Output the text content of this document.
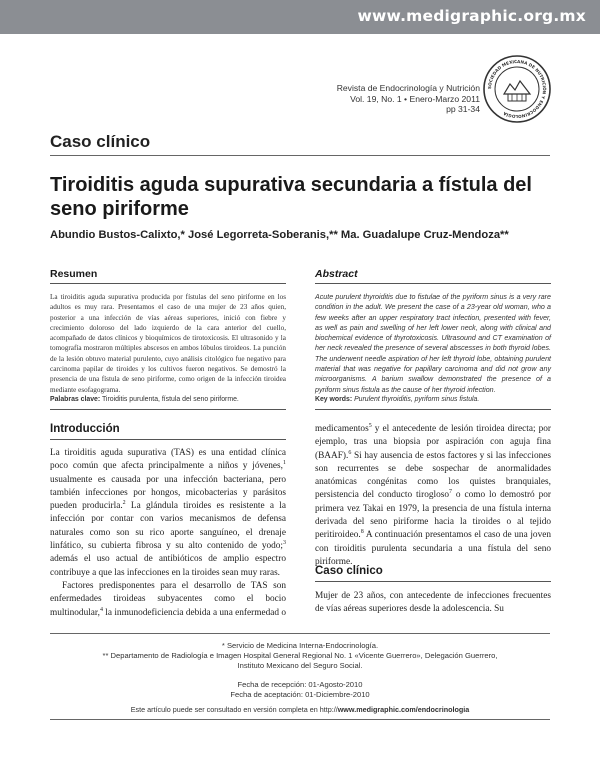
www.medigraphic.org.mx
Revista de Endocrinología y Nutrición
Vol. 19, No. 1 • Enero-Marzo 2011
pp 31-34
SOCIEDAD MEXICANA DE NUTRICIÓN Y ENDOCRINOLOGÍA
Caso clínico
Tiroiditis aguda supurativa secundaria a fístula del seno piriforme
Abundio Bustos-Calixto,* José Legorreta-Soberanis,** Ma. Guadalupe Cruz-Mendoza**
Resumen	Abstract
La tiroiditis aguda supurativa producida por fístulas del seno piriforme en los adultos es muy rara. Presentamos el caso de una mujer de 23 años quien, posterior a una infección de vías aéreas superiores, inició con fiebre y crecimiento doloroso del lado izquierdo de la cara anterior del cuello, acompañado de datos clínicos y bioquímicos de tirotoxicosis. El ultrasonido y la tomografía mostraron múltiples abscesos en ambos lóbulos tiroideos. La punción de la lesión obtuvo material purulento, cuyo análisis citológico fue negativo para carcinoma papilar de tiroides y los cultivos fueron negativos. Se demostró la presencia de una fístula de seno piriforme, como origen de la infección tiroidea mediante esofagograma.
Acute purulent thyroiditis due to fistulae of the pyriform sinus is a very rare condition in the adult. We present the case of a 23-year old woman, who a few weeks after an upper respiratory tract infection, presented with fever, as well as pain and swelling of her left lower neck, along with clinical and biochemical evidence of thyrotoxicosis. Ultrasound and CT examination of her neck revealed the presence of several abscesses in both thyroid lobes. The underwent needle aspiration of her left thyroid lobe, obtaining purulent material that was negative for papillary carcinoma and did not grow any microorganisms. A barium swallow demonstrated the presence of a pyriform sinus fistula as the cause of her thyroid infection.
Palabras clave: Tiroiditis purulenta, fístula del seno piriforme.	Key words: Purulent thyroiditis, pyriform sinus fistula.
Introducción

La tiroiditis aguda supurativa (TAS) es una entidad clínica poco común que afecta principalmente a niños y jóvenes,$^1$ usualmente es causada por una infección bacteriana, pero también infecciones por hongos, micobacterias y parásitos pueden producirla.$^2$ La glándula tiroides es resistente a la infección por contar con varios mecanismos de defensa naturales como son su rico aporte sanguíneo, el drenaje linfático, su cubierta fibrosa y su alto contenido de yodo;$^3$ además el uso actual de antibióticos de amplio espectro contribuye a que las infecciones en la tiroides sean muy raras.

Factores predisponentes para el desarrollo de TAS son enfermedades tiroideas subyacentes como el bocio multinodular,$^4$ la inmunodeficiencia debida a una enfermedad o

medicamentos$^5$ y el antecedente de lesión tiroidea directa; por ejemplo, tras una biopsia por aspiración con aguja fina (BAAF).$^6$ Si hay ausencia de estos factores y si las infecciones son recurrentes se debe sospechar de anormalidades anatómicas congénitas como los quistes branquiales, persistencia del conducto tirogloso$^7$ o como lo demostró por primera vez Takai en 1979, la presencia de una fístula interna derivada del seno piriforme hacia la tiroides o al tejido peritiroideo.$^8$ A continuación presentamos el caso de una joven con tiroiditis purulenta secundaria a una fístula del seno piriforme.

Caso clínico
Mujer de 23 años, con antecedente de infecciones frecuentes de vías aéreas superiores desde la adolescencia. Su
* Servicio de Medicina Interna-Endocrinología.
** Departamento de Radiología e Imagen Hospital General Regional No. 1 «Vicente Guerrero», Delegación Guerrero,
Instituto Mexicano del Seguro Social.
Fecha de recepción: 01-Agosto-2010
Fecha de aceptación: 01-Diciembre-2010
Este artículo puede ser consultado en versión completa en http://www.medigraphic.com/endocrinologia
